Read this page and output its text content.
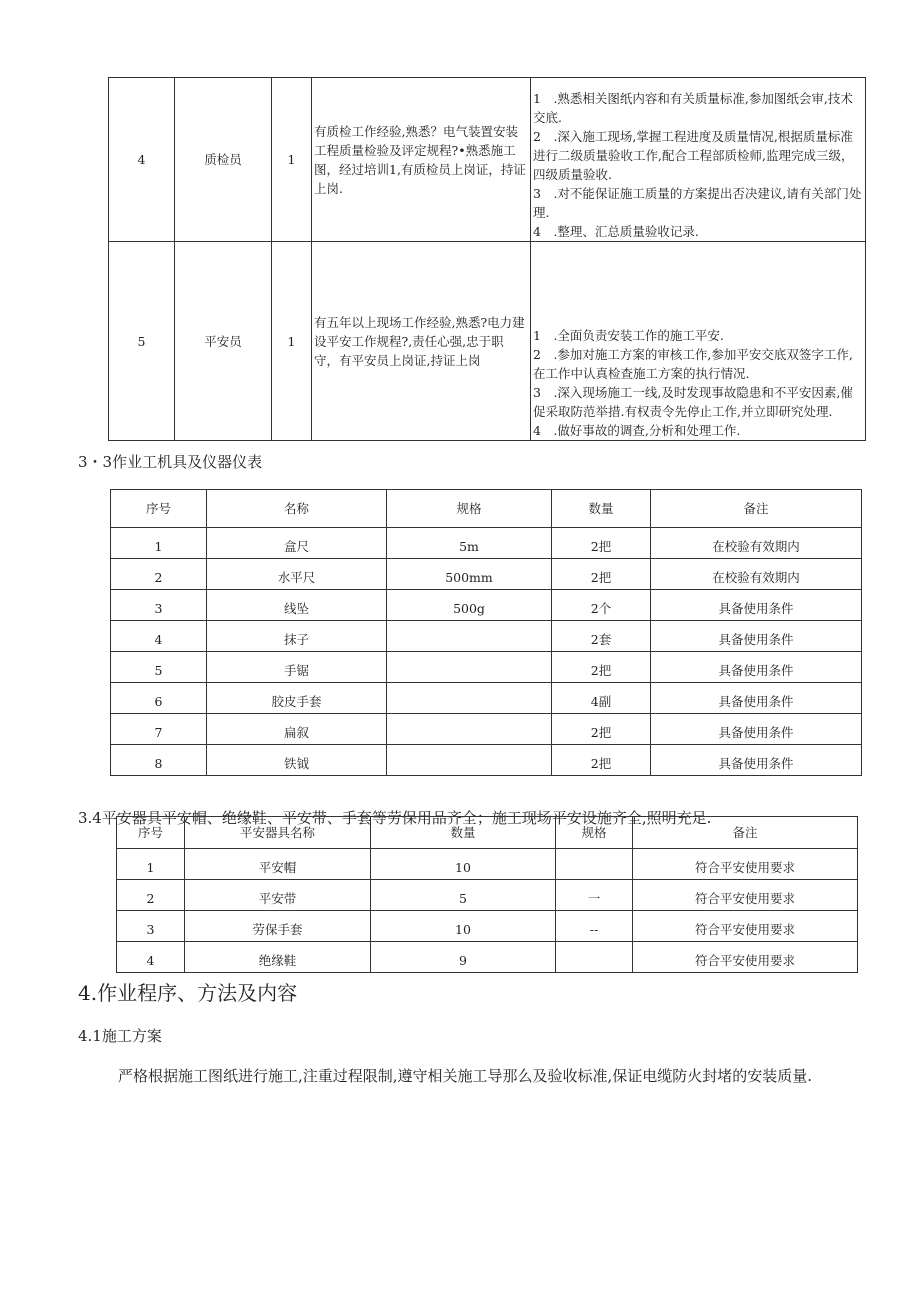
4	质检员	1	有质检工作经验,熟悉？电气装置安装工程质量检验及评定规程?•熟悉施工图，经过培训1,有质检员上岗证，持证上岗.	1　.熟悉相关图纸内容和有关质量标准,参加图纸会审,技术交底.
2　.深入施工现场,掌握工程进度及质量情况,根据质量标准进行二级质量验收工作,配合工程部质检师,监理完成三级，四级质量验收.
3　.对不能保证施工质量的方案提出否决建议,请有关部门处理.
4　.整理、汇总质量验收记录.

5	平安员	1	有五年以上现场工作经验,熟悉?电力建设平安工作规程?,责任心强,忠于职守，有平安员上岗证,持证上岗	1　.全面负责安装工作的施工平安.
2　.参加对施工方案的审核工作,参加平安交底双签字工作,在工作中认真检查施工方案的执行情况.
3　.深入现场施工一线,及时发现事故隐患和不平安因素,催促采取防范举措.有权责令先停止工作,并立即研究处理.
4　.做好事故的调查,分析和处理工作.
3・3作业工机具及仪器仪表
序号	名称	规格	数量	备注
1	盒尺	5m	2把	在校验有效期内
2	水平尺	500mm	2把	在校验有效期内
3	线坠	500g	2个	具备使用条件
4	抹子		2套	具备使用条件
5	手锯		2把	具备使用条件
6	胶皮手套		4副	具备使用条件
7	扁叙		2把	具备使用条件
8	铁钺		2把	具备使用条件
3.4平安器具平安帽、绝缘鞋、平安带、手套等劳保用品齐全；施工现场平安设施齐全,照明充足.
序号	平安器具名称	数量	规格	备注
1	平安帽	10		符合平安使用要求
2	平安带	5	一	符合平安使用要求
3	劳保手套	10	--	符合平安使用要求
4	绝缘鞋	9		符合平安使用要求
4.作业程序、方法及内容
4.1施工方案
严格根据施工图纸进行施工,注重过程限制,遵守相关施工导那么及验收标准,保证电缆防火封堵的安装质量.
